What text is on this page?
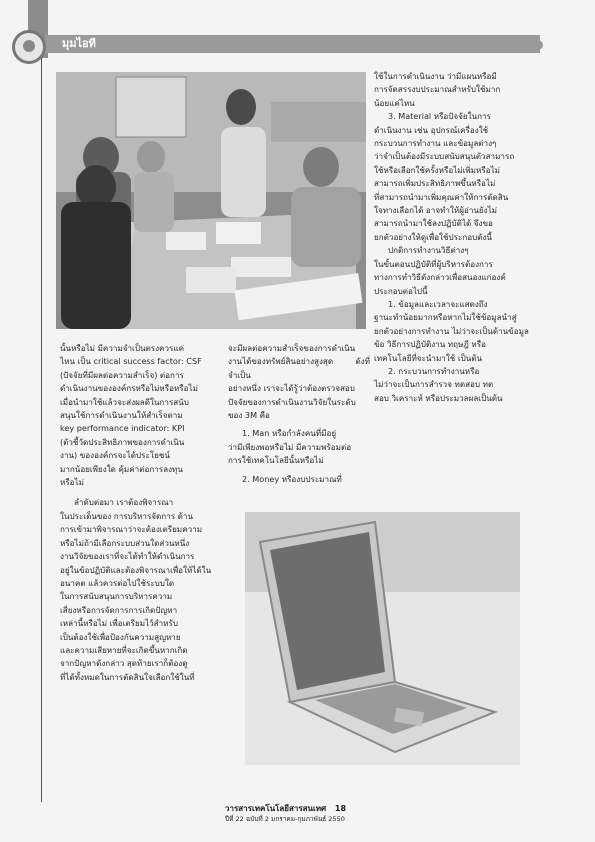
มุมไอที

ใช้ในการดำเนินงาน ว่ามีแผนหรือมี

การจัดสรรงบประมาณสำหรับใช้มาก

น้อยแค่ไหน

3. Material หรือปัจจัยในการ

ดำเนินงาน เช่น อุปกรณ์เครื่องใช้

กระบวนการทำงาน และข้อมูลต่างๆ

ว่าจำเป็นต้องมีระบบสนับสนุนตัวสามารถ

ใช้หรือเลือกใช้ครั้งหรือไม่เพิ่มหรือไม่

สามารถเพิ่มประสิทธิภาพขึ้นหรือไม่

ที่สามารถนำมาเพิ่มคุณค่าให้การตัดสิน

ใจทางเลือกได้ อาจทำให้ผู้อ่านยังไม่

สามารถนำมาใช้ลงปฏิบัติได้ จึงขอ

ยกตัวอย่างให้ดูเพื่อใช้ประกอบดังนี้

ปกติการทำงานวิธีต่างๆ

ในขั้นตอนปฏิบัติที่ผู้บริหารต้องการ

ทางการทำวิธีดังกล่าวเพื่อสนองแก่องค์

ประกอบต่อไปนี้

1. ข้อมูลและเวลาจะแสดงถึง

ฐานะทำน้อยมากหรือหากไม่ใช้ข้อมูลนำสู่

ยกตัวอย่างการทำงาน ไม่ว่าจะเป็นด้านข้อมูล

ข้อ วิธีการปฏิบัติงาน ทฤษฎี หรือ

เทคโนโลยีที่จะนำมาใช้ เป็นต้น

2. กระบวนการทำงานหรือ

ไม่ว่าจะเป็นการสำรวจ ทดสอบ ทด

สอบ วิเคราะห์ หรือประมวลผลเป็นต้น

นั้นหรือไม่ มีความจำเป็นตรงควรแค่

ไหน เป็น critical success factor: CSF

(ปัจจัยที่มีผลต่อความสำเร็จ) ต่อการ

ดำเนินงานขององค์กรหรือไม่หรือหรือไม่

เมื่อนำมาใช้แล้วจะส่งผลดีในการสนับ

สนุนใช้การดำเนินงานให้สำเร็จตาม

key performance indicator: KPI

(ตัวชี้วัดประสิทธิภาพของการดำเนิน

งาน) ขององค์กรจะได้ประโยชน์

มากน้อยเพียงใด คุ้มค่าต่อการลงทุน

หรือไม่

ลำดับต่อมา เราต้องพิจารณา

ในประเด็นของ การบริหารจัดการ ด้าน

การเข้ามาพิจารณาว่าจะต้องเตรียมความ

หรือไม่ถ้ามีเลือกระบบส่วนใดส่วนหนึ่ง

งานวิจัยของเราที่จะได้ทำให้ดำเนินการ

อยู่ในข้อปฏิบัติและต้องพิจารณาเพื่อให้ได้ใน

อนาคต แล้วควรต่อไปใช้ระบบใด

ในการสนับสนุนการบริหารความ

เสี่ยงหรือการจัดการการเกิดปัญหา

เหล่านี้หรือไม่ เพื่อเตรียมไว้สำหรับ

เป็นต้องใช้เพื่อป้องกันความสูญหาย

และความเสียหายที่จะเกิดขึ้นหากเกิด

จากปัญหาดังกล่าว สุดท้ายเราก็ต้องดู

ที่ได้ทั้งหมดในการตัดสินใจเลือกใช้ในที่

จะมีผลต่อความสำเร็จของการดำเนิน

งานได้ของทรัพย์สินอย่างสูงสุด ดังที่จำเป็น

อย่างหนึ่ง เราจะได้รู้ว่าต้องตรวจสอบ

ปัจจัยของการดำเนินงานวิจัยในระดับ

ของ 3M คือ

1. Man หรือกำลังคนที่มีอยู่

ว่ามีเพียงพอหรือไม่ มีความพร้อมต่อ

การใช้เทคโนโลยีนั้นหรือไม่

2. Money หรืองบประมาณที่

วารสารเทคโนโลยีสารสนเทศ 18
ปีที่ 22 ฉบับที่ 2 มกราคม-กุมภาพันธ์ 2550
